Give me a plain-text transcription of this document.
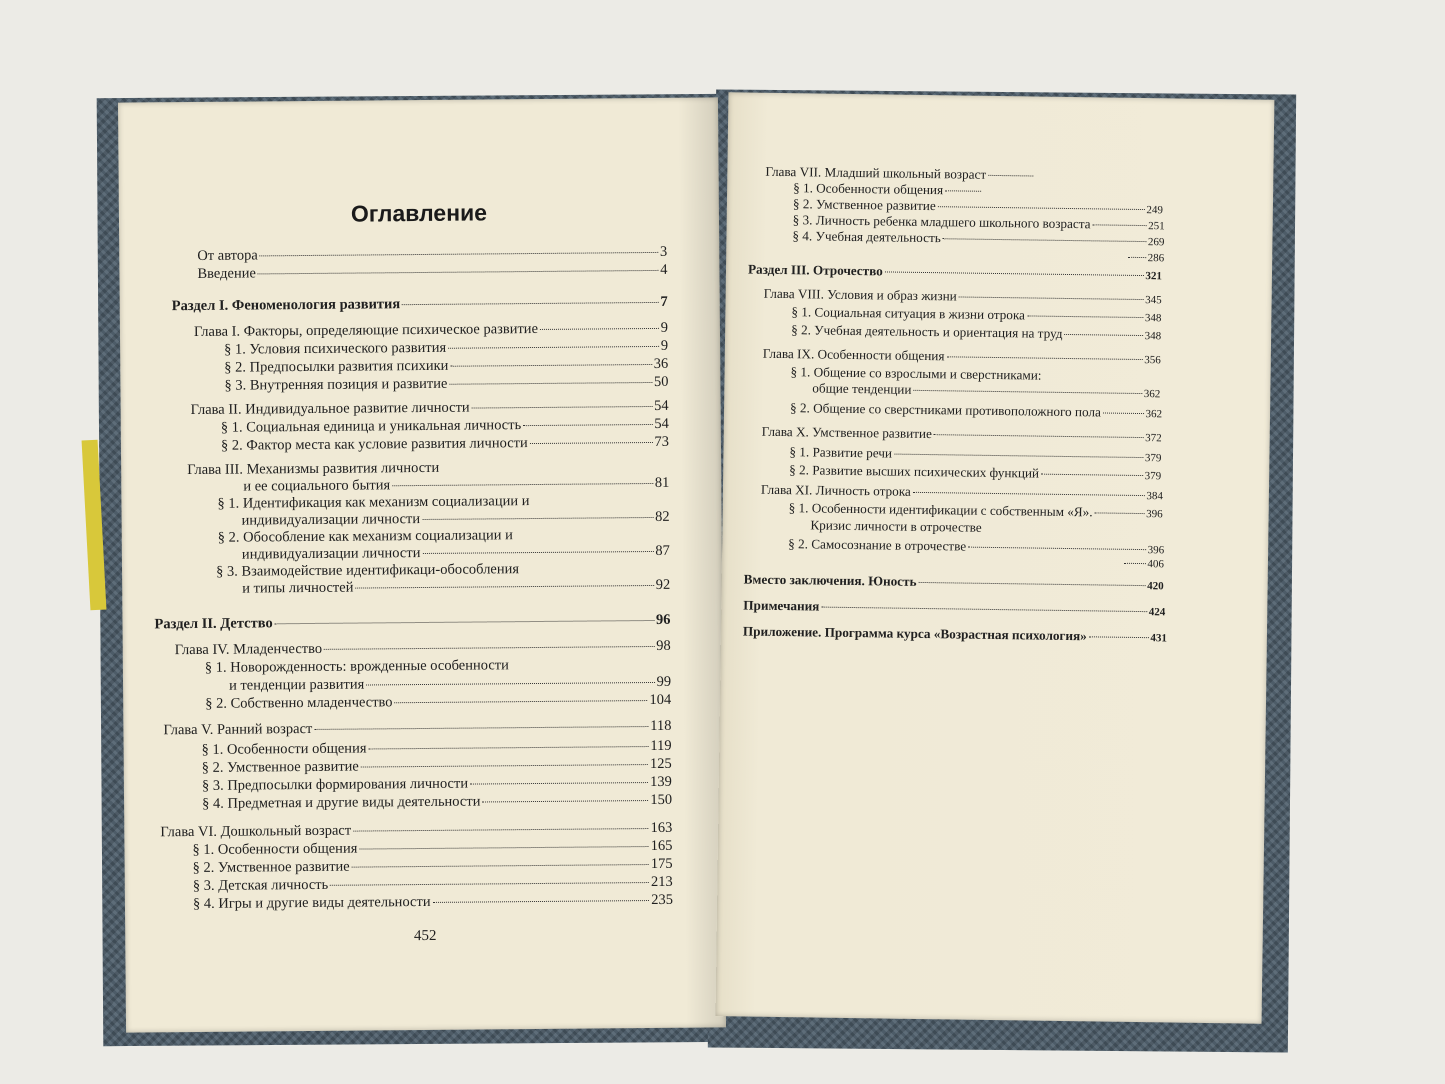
Оглавление
От автора	3
Введение	4
Раздел I. Феноменология развития	7
Глава I. Факторы, определяющие психическое развитие	9
§ 1. Условия психического развития	9
§ 2. Предпосылки развития психики	36
§ 3. Внутренняя позиция и развитие	50
Глава II. Индивидуальное развитие личности	54
§ 1. Социальная единица и уникальная личность	54
§ 2. Фактор места как условие развития личности	73
Глава III. Механизмы развития личности
и ее социального бытия	81
§ 1. Идентификация как механизм социализации и
индивидуализации личности	82
§ 2. Обособление как механизм социализации и
индивидуализации личности	87
§ 3. Взаимодействие идентификаци-обособления
и типы личностей	92
Раздел II. Детство	96
Глава IV. Младенчество	98
§ 1. Новорожденность: врожденные особенности
и тенденции развития	99
§ 2. Собственно младенчество	104
Глава V. Ранний возраст	118
§ 1. Особенности общения	119
§ 2. Умственное развитие	125
§ 3. Предпосылки формирования личности	139
§ 4. Предметная и другие виды деятельности	150
Глава VI. Дошкольный возраст	163
§ 1. Особенности общения	165
§ 2. Умственное развитие	175
§ 3. Детская личность	213
§ 4. Игры и другие виды деятельности	235
452
Глава VII. Младший школьный возраст
§ 1. Особенности общения
§ 2. Умственное развитие	249
§ 3. Личность ребенка младшего школьного возраста	251
§ 4. Учебная деятельность	269
286
Раздел III. Отрочество	321
Глава VIII. Условия и образ жизни	345
§ 1. Социальная ситуация в жизни отрока	348
§ 2. Учебная деятельность и ориентация на труд	348
Глава IX. Особенности общения	356
§ 1. Общение со взрослыми и сверстниками:
общие тенденции	362
§ 2. Общение со сверстниками противоположного пола	362
Глава X. Умственное развитие	372
§ 1. Развитие речи	379
§ 2. Развитие высших психических функций	379
Глава XI. Личность отрока	384
§ 1. Особенности идентификации с собственным «Я».	396
Кризис личности в отрочестве
§ 2. Самосознание в отрочестве	396
406
Вместо заключения. Юность	420
Примечания	424
Приложение. Программа курса «Возрастная психология»	431
